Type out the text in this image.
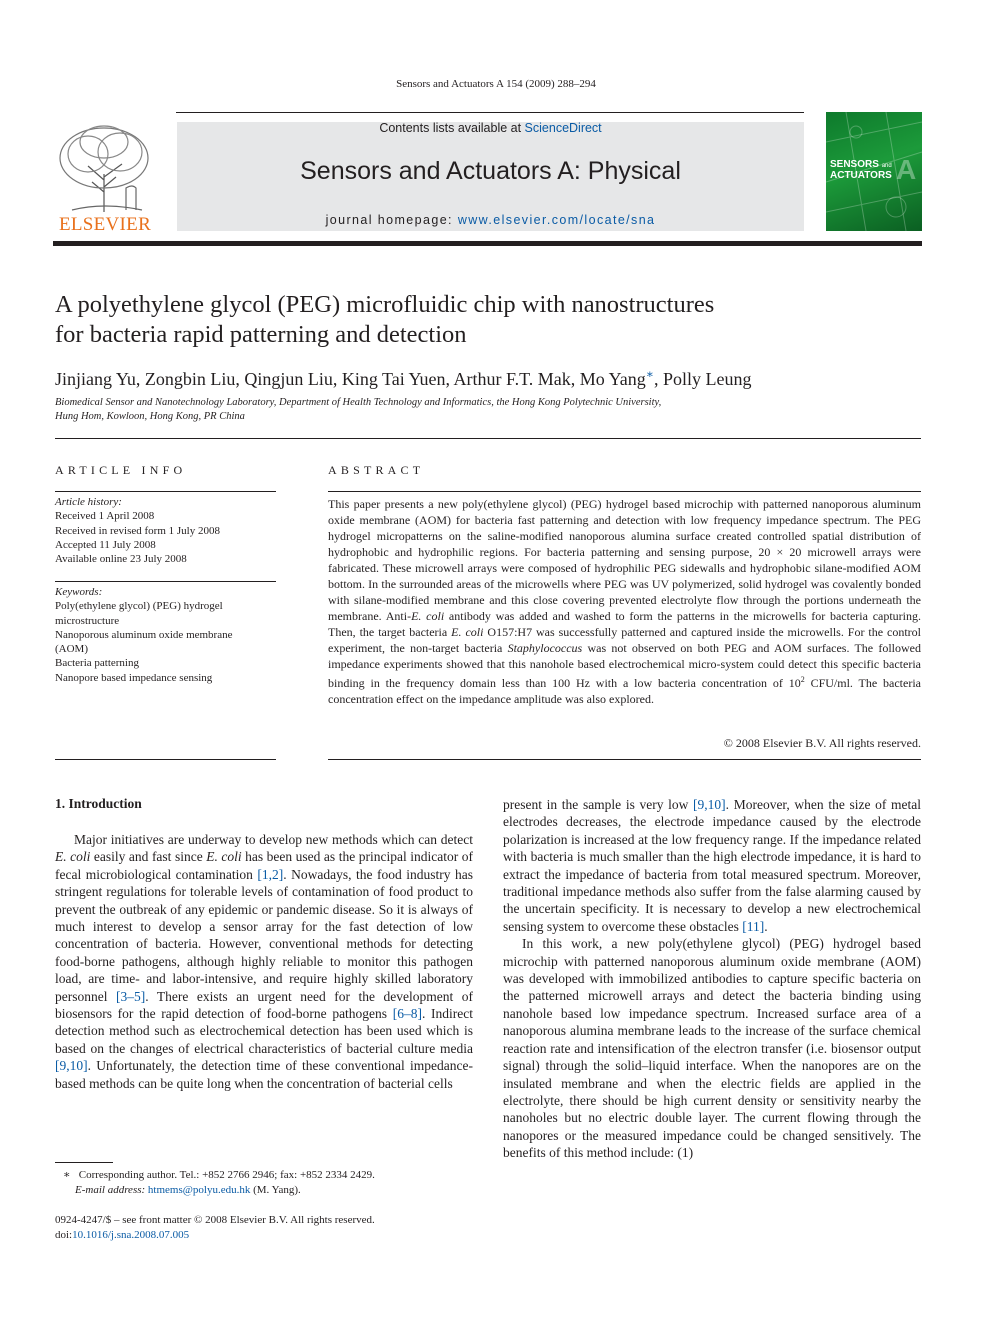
Sensors and Actuators A 154 (2009) 288–294
ELSEVIER
Contents lists available at ScienceDirect
Sensors and Actuators A: Physical
journal homepage: www.elsevier.com/locate/sna
SENSORS and
ACTUATORS A
A polyethylene glycol (PEG) microfluidic chip with nanostructures
for bacteria rapid patterning and detection
Jinjiang Yu, Zongbin Liu, Qingjun Liu, King Tai Yuen, Arthur F.T. Mak, Mo Yang∗, Polly Leung
Biomedical Sensor and Nanotechnology Laboratory, Department of Health Technology and Informatics, the Hong Kong Polytechnic University,
Hung Hom, Kowloon, Hong Kong, PR China
ARTICLE INFO
Article history:
Received 1 April 2008
Received in revised form 1 July 2008
Accepted 11 July 2008
Available online 23 July 2008
Keywords:
Poly(ethylene glycol) (PEG) hydrogel
microstructure
Nanoporous aluminum oxide membrane
(AOM)
Bacteria patterning
Nanopore based impedance sensing
ABSTRACT

This paper presents a new poly(ethylene glycol) (PEG) hydrogel based microchip with patterned nanoporous aluminum oxide membrane (AOM) for bacteria fast patterning and detection with low frequency impedance spectrum. The PEG hydrogel micropatterns on the saline-modified nanoporous alumina surface created controlled spatial distribution of hydrophobic and hydrophilic regions. For bacteria patterning and sensing purpose, 20 × 20 microwell arrays were fabricated. These microwell arrays were composed of hydrophilic PEG sidewalls and hydrophobic silane-modified AOM bottom. In the surrounded areas of the microwells where PEG was UV polymerized, solid hydrogel was covalently bonded with silane-modified membrane and this close covering prevented electrolyte flow through the portions underneath the membrane. Anti-E. coli antibody was added and washed to form the patterns in the microwells for bacteria capturing. Then, the target bacteria E. coli O157:H7 was successfully patterned and captured inside the microwells. For the control experiment, the non-target bacteria Staphylococcus was not observed on both PEG and AOM surfaces. The followed impedance experiments showed that this nanohole based electrochemical micro-system could detect this specific bacteria binding in the frequency domain less than 100 Hz with a low bacteria concentration of $10^2$ CFU/ml. The bacteria concentration effect on the impedance amplitude was also explored.

© 2008 Elsevier B.V. All rights reserved.
1. Introduction

Major initiatives are underway to develop new methods which can detect E. coli easily and fast since E. coli has been used as the principal indicator of fecal microbiological contamination [1,2]. Nowadays, the food industry has stringent regulations for tolerable levels of contamination of food product to prevent the outbreak of any epidemic or pandemic disease. So it is always of much interest to develop a sensor array for the fast detection of low concentration of bacteria. However, conventional methods for detecting food-borne pathogens, although highly reliable to monitor this pathogen load, are time- and labor-intensive, and require highly skilled laboratory personnel [3–5]. There exists an urgent need for the development of biosensors for the rapid detection of food-borne pathogens [6–8]. Indirect detection method such as electrochemical detection has been used which is based on the changes of electrical characteristics of bacterial culture media [9,10]. Unfortunately, the detection time of these conventional impedance-based methods can be quite long when the concentration of bacterial cells

present in the sample is very low [9,10]. Moreover, when the size of metal electrodes decreases, the electrode impedance caused by the electrode polarization is increased at the low frequency range. If the impedance related with bacteria is much smaller than the high electrode impedance, it is hard to extract the impedance of bacteria from total measured spectrum. Moreover, traditional impedance methods also suffer from the false alarming caused by the uncertain specificity. It is necessary to develop a new electrochemical sensing system to overcome these obstacles [11].

In this work, a new poly(ethylene glycol) (PEG) hydrogel based microchip with patterned nanoporous aluminum oxide membrane (AOM) was developed with immobilized antibodies to capture specific bacteria on the patterned microwell arrays and detect the bacteria binding using nanohole based low impedance spectrum. Increased surface area of a nanoporous alumina membrane leads to the increase of the surface chemical reaction rate and intensification of the electron transfer (i.e. biosensor output signal) through the solid–liquid interface. When the nanopores are on the insulated membrane and when the electric fields are applied in the electrolyte, there should be high current density or sensitivity nearby the nanoholes but no electric double layer. The current flowing through the nanopores or the measured impedance could be changed sensitively. The benefits of this method include: (1)

∗ Corresponding author. Tel.: +852 2766 2946; fax: +852 2334 2429.
E-mail address: htmems@polyu.edu.hk (M. Yang).
0924-4247/$ – see front matter © 2008 Elsevier B.V. All rights reserved.
doi:10.1016/j.sna.2008.07.005
